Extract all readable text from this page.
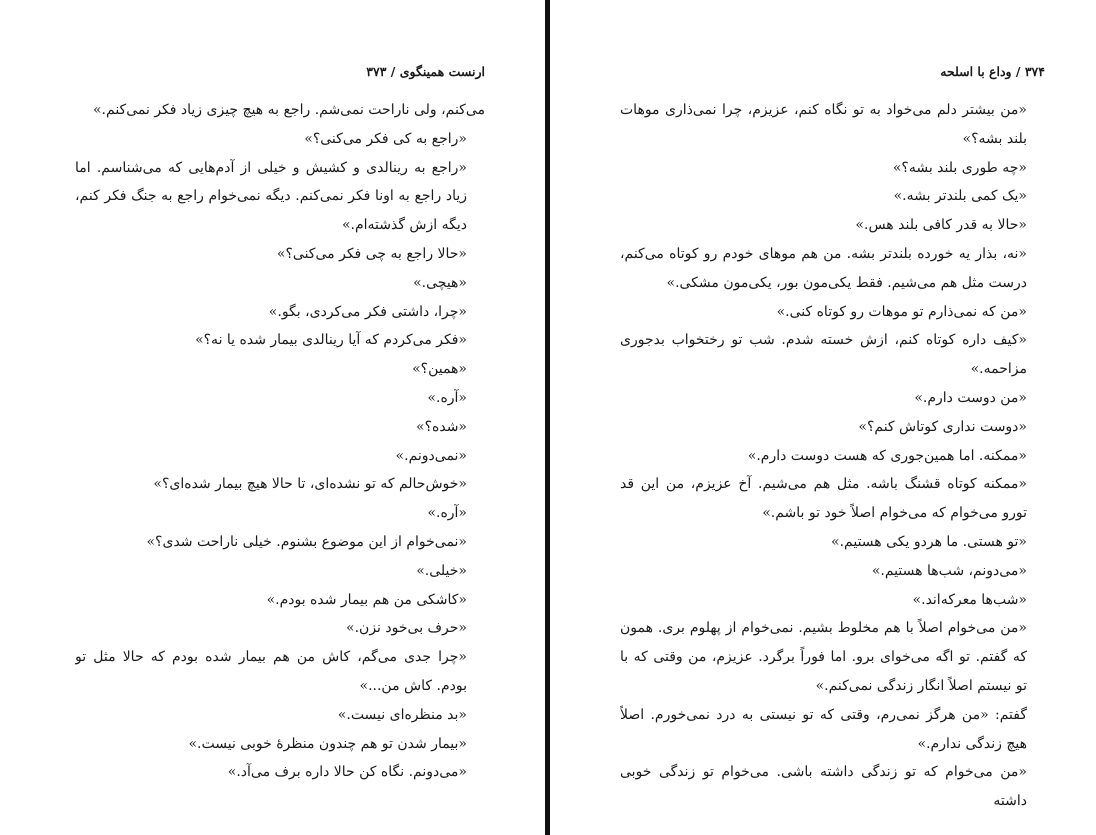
ارنست همینگوی / ۳۷۳

می‌کنم، ولی ناراحت نمی‌شم. راجع به هیچ چیزی زیاد فکر نمی‌کنم.»

«راجع به کی فکر می‌کنی؟»

«راجع به رینالدی و کشیش و خیلی از آدم‌هایی که می‌شناسم. اما زیاد راجع به اونا فکر نمی‌کنم. دیگه نمی‌خوام راجع به جنگ فکر کنم، دیگه ازش گذشته‌ام.»

«حالا راجع به چی فکر می‌کنی؟»

«هیچی.»

«چرا، داشتی فکر می‌کردی، بگو.»

«فکر می‌کردم که آیا رینالدی بیمار شده یا نه؟»

«همین؟»

«آره.»

«شده؟»

«نمی‌دونم.»

«خوش‌حالم که تو نشده‌ای، تا حالا هیچ بیمار شده‌ای؟»

«آره.»

«نمی‌خوام از این موضوع بشنوم. خیلی ناراحت شدی؟»

«خیلی.»

«کاشکی من هم بیمار شده بودم.»

«حرف بی‌خود نزن.»

«چرا جدی می‌گم، کاش من هم بیمار شده بودم که حالا مثل تو بودم. کاش من...»

«بد منظره‌ای نیست.»

«بیمار شدن تو هم چندون منظرهٔ خوبی نیست.»

«می‌دونم. نگاه کن حالا داره برف می‌آد.»

۳۷۴ / وداع با اسلحه

«من بیشتر دلم می‌خواد به تو نگاه کنم، عزیزم، چرا نمی‌ذاری موهات بلند بشه؟»

«چه طوری بلند بشه؟»

«یک کمی بلندتر بشه.»

«حالا به قدر کافی بلند هس.»

«نه، بذار یه خورده بلندتر بشه. من هم موهای خودم رو کوتاه می‌کنم، درست مثل هم می‌شیم. فقط یکی‌مون بور، یکی‌مون مشکی.»

«من که نمی‌ذارم تو موهات رو کوتاه کنی.»

«کیف داره کوتاه کنم، ازش خسته شدم. شب تو رختخواب بدجوری مزاحمه.»

«من دوست دارم.»

«دوست نداری کوتاش کنم؟»

«ممکنه. اما همین‌جوری که هست دوست دارم.»

«ممکنه کوتاه قشنگ باشه. مثل هم می‌شیم. آخ عزیزم، من این قد تورو می‌خوام که می‌خوام اصلاً خود تو باشم.»

«تو هستی. ما هردو یکی هستیم.»

«می‌دونم، شب‌ها هستیم.»

«شب‌ها معرکه‌اند.»

«من می‌خوام اصلاً با هم مخلوط بشیم. نمی‌خوام از پهلوم بری. همون که گفتم. تو اگه می‌خوای برو. اما فوراً برگرد. عزیزم، من وقتی که با تو نیستم اصلاً انگار زندگی نمی‌کنم.»

گفتم: «من هرگز نمی‌رم، وقتی که تو نیستی به درد نمی‌خورم. اصلاً هیچ زندگی ندارم.»

«من می‌خوام که تو زندگی داشته باشی. می‌خوام تو زندگی خوبی داشته
